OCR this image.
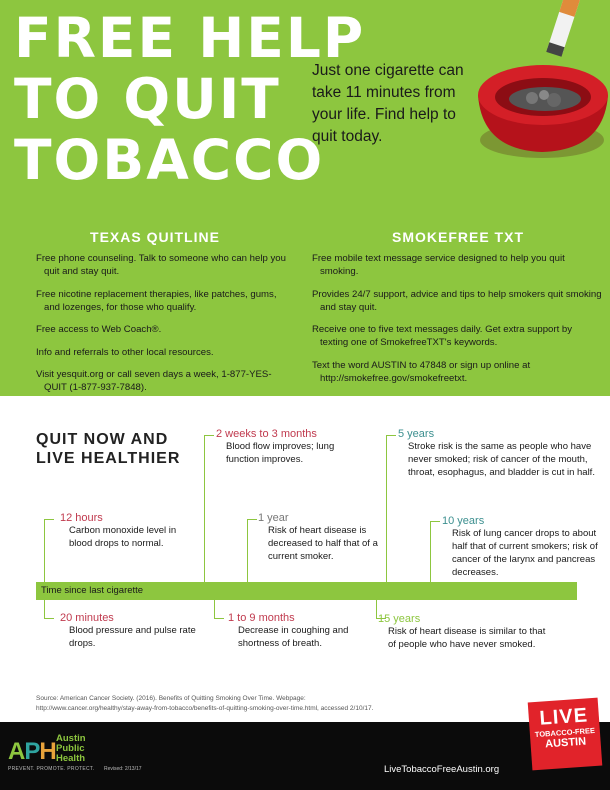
FREE HELP
TO QUIT
TOBACCO
Just one cigarette can take 11 minutes from your life. Find help to quit today.
TEXAS QUITLINE

Free phone counseling. Talk to someone who can help you quit and stay quit.

Free nicotine replacement therapies, like patches, gums, and lozenges, for those who qualify.

Free access to Web Coach®.

Info and referrals to other local resources.

Visit yesquit.org or call seven days a week, 1-877-YES-QUIT (1-877-937-7848).

SMOKEFREE TXT

Free mobile text message service designed to help you quit smoking.

Provides 24/7 support, advice and tips to help smokers quit smoking and stay quit.

Receive one to five text messages daily. Get extra support by texting one of SmokefreeTXT's keywords.

Text the word AUSTIN to 47848 or sign up online at http://smokefree.gov/smokefreetxt.

QUIT NOW AND
LIVE HEALTHIER
Time since last cigarette
12 hours
Carbon monoxide level in blood drops to normal.
20 minutes
Blood pressure and pulse rate drops.
2 weeks to 3 months
Blood flow improves; lung function improves.
1 to 9 months
Decrease in coughing and shortness of breath.
1 year
Risk of heart disease is decreased to half that of a current smoker.
5 years
Stroke risk is the same as people who have never smoked; risk of cancer of the mouth, throat, esophagus, and bladder is cut in half.
10 years
Risk of lung cancer drops to about half that of current smokers; risk of cancer of the larynx and pancreas decreases.
15 years
Risk of heart disease is similar to that of people who have never smoked.
Source: American Cancer Society. (2016). Benefits of Quitting Smoking Over Time. Webpage: http://www.cancer.org/healthy/stay-away-from-tobacco/benefits-of-quitting-smoking-over-time.html, accessed 2/10/17.
APH Austin
Public
Health
PREVENT. PROMOTE. PROTECT. Revised: 2/13/17	LiveTobaccoFreeAustin.org
LIVE
TOBACCO-FREE
AUSTIN
